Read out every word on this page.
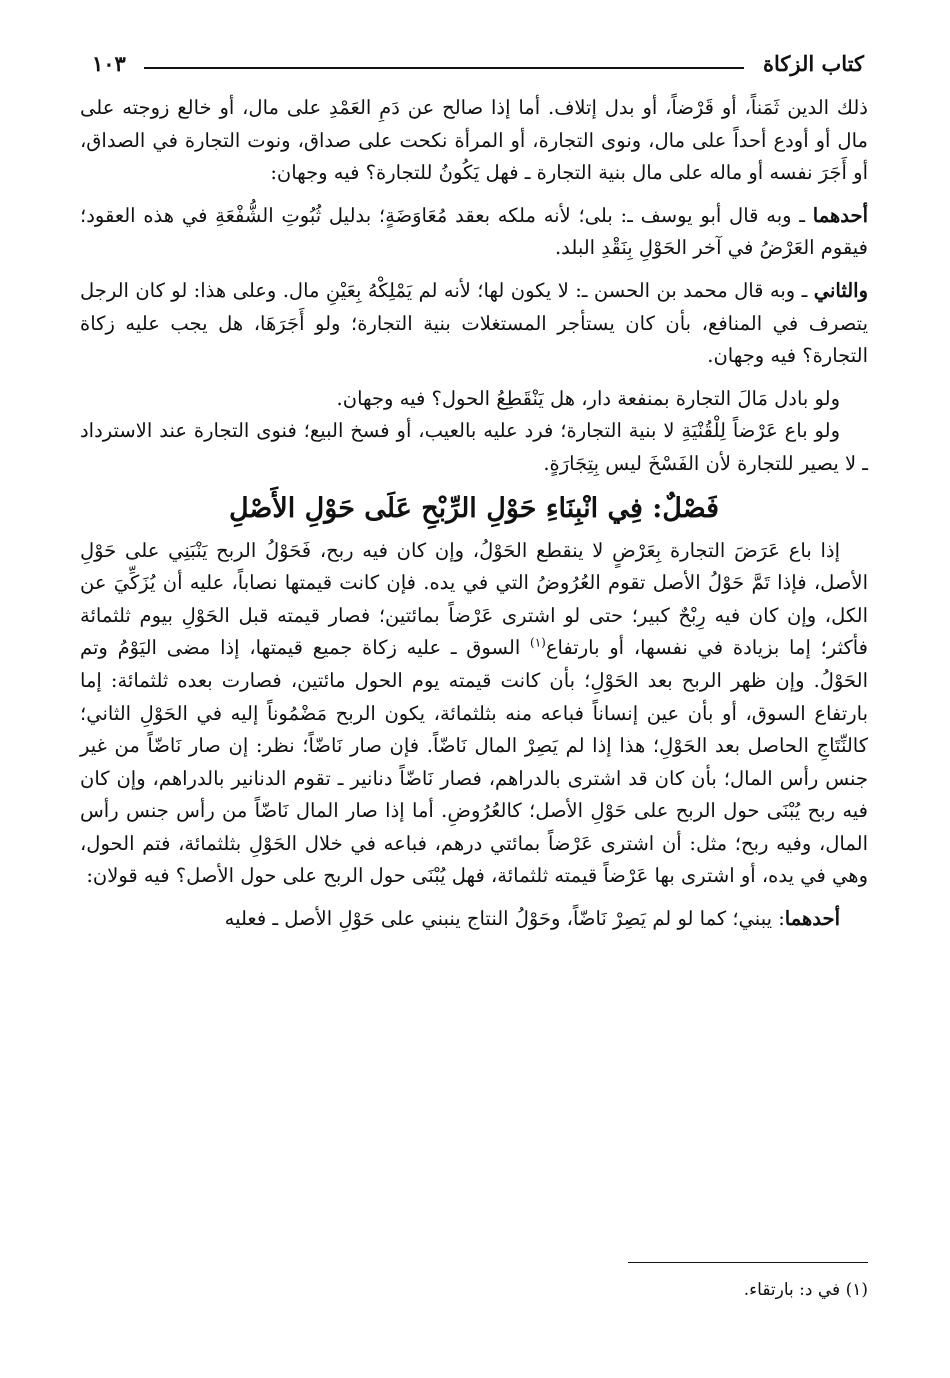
كتاب الزكاة
١٠٣

ذلك الدين ثَمَناً، أو قَرْضاً، أو بدل إتلاف. أما إذا صالح عن دَمِ العَمْدِ على مال، أو خالع زوجته على مال أو أودع أحداً على مال، ونوى التجارة، أو المرأة نكحت على صداق، ونوت التجارة في الصداق، أو أَجَرَ نفسه أو ماله على مال بنية التجارة ـ فهل يَكُونُ للتجارة؟ فيه وجهان:

أحدهما ـ وبه قال أبو يوسف ـ: بلى؛ لأنه ملكه بعقد مُعَاوَضَةٍ؛ بدليل ثُبُوتِ الشُّفْعَةِ في هذه العقود؛ فيقوم العَرْضُ في آخر الحَوْلِ بِنَقْدِ البلد.

والثاني ـ وبه قال محمد بن الحسن ـ: لا يكون لها؛ لأنه لم يَمْلِكْهُ بِعَيْنِ مال. وعلى هذا: لو كان الرجل يتصرف في المنافع، بأن كان يستأجر المستغلات بنية التجارة؛ ولو أَجَرَهَا، هل يجب عليه زكاة التجارة؟ فيه وجهان.

ولو بادل مَالَ التجارة بمنفعة دار، هل يَنْقَطِعُ الحول؟ فيه وجهان.

ولو باع عَرْضاً لِلْقُنْيَةِ لا بنية التجارة؛ فرد عليه بالعيب، أو فسخ البيع؛ فنوى التجارة عند الاسترداد ـ لا يصير للتجارة لأن الفَسْخَ ليس بِتِجَارَةٍ.

فَصْلٌ: فِي انْبِنَاءِ حَوْلِ الرِّبْحِ عَلَى حَوْلِ الأَصْلِ

إذا باع عَرَضَ التجارة بِعَرْضٍ لا ينقطع الحَوْلُ، وإن كان فيه ربح، فَحَوْلُ الربح يَنْبَنِي على حَوْلِ الأصل، فإذا تَمَّ حَوْلُ الأصل تقوم العُرُوضُ التي في يده. فإن كانت قيمتها نصاباً، عليه أن يُزَكِّيَ عن الكل، وإن كان فيه رِبْحٌ كبير؛ حتى لو اشترى عَرْضاً بمائتين؛ فصار قيمته قبل الحَوْلِ بيوم ثلثمائة فأكثر؛ إما بزيادة في نفسها، أو بارتفاع$^{(١)}$ السوق ـ عليه زكاة جميع قيمتها، إذا مضى اليَوْمُ وتم الحَوْلُ. وإن ظهر الربح بعد الحَوْلِ؛ بأن كانت قيمته يوم الحول مائتين، فصارت بعده ثلثمائة: إما بارتفاع السوق، أو بأن عين إنساناً فباعه منه بثلثمائة، يكون الربح مَضْمُوناً إليه في الحَوْلِ الثاني؛ كالنِّتَاجِ الحاصل بعد الحَوْلِ؛ هذا إذا لم يَصِرْ المال نَاضّاً. فإن صار نَاضّاً؛ نظر: إن صار نَاضّاً من غير جنس رأس المال؛ بأن كان قد اشترى بالدراهم، فصار نَاضّاً دنانير ـ تقوم الدنانير بالدراهم، وإن كان فيه ربح يُبْنَى حول الربح على حَوْلِ الأصل؛ كالعُرُوضِ. أما إذا صار المال نَاضّاً من رأس جنس رأس المال، وفيه ربح؛ مثل: أن اشترى عَرْضاً بمائتي درهم، فباعه في خلال الحَوْلِ بثلثمائة، فتم الحول، وهي في يده، أو اشترى بها عَرْضاً قيمته ثلثمائة، فهل يُبْنَى حول الربح على حول الأصل؟ فيه قولان:

أحدهما: يبني؛ كما لو لم يَصِرْ نَاضّاً، وحَوْلُ النتاج ينبني على حَوْلِ الأصل ـ فعليه

(١) في د: بارتقاء.
